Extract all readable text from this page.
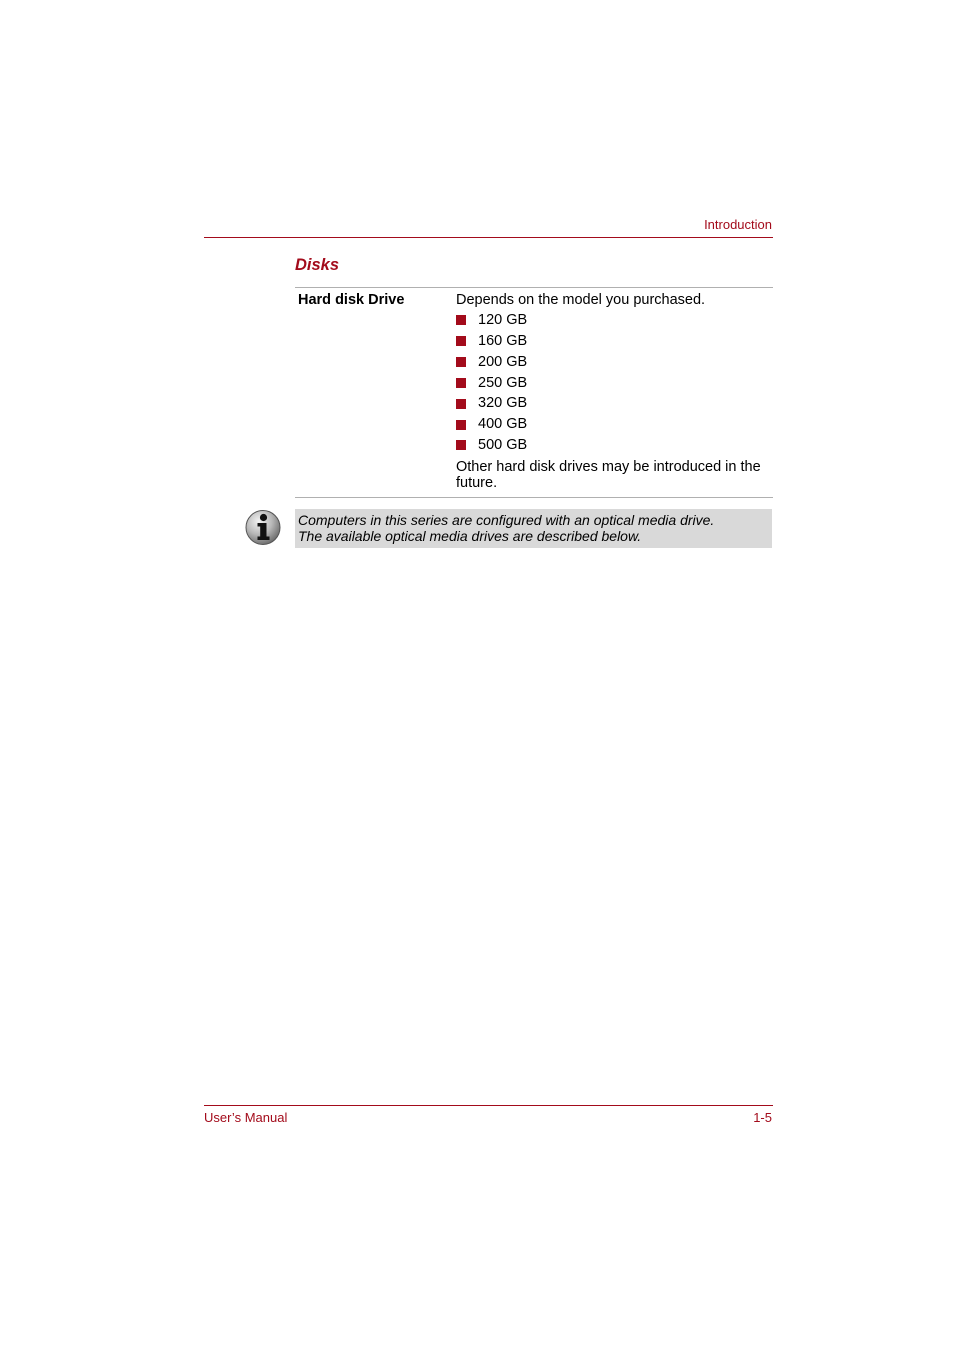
Introduction
Disks
Hard disk Drive	Depends on the model you purchased.
120 GB
160 GB
200 GB
250 GB
320 GB
400 GB
500 GB
Other hard disk drives may be introduced in the future.
Computers in this series are configured with an optical media drive.
The available optical media drives are described below.
User’s Manual	1-5
